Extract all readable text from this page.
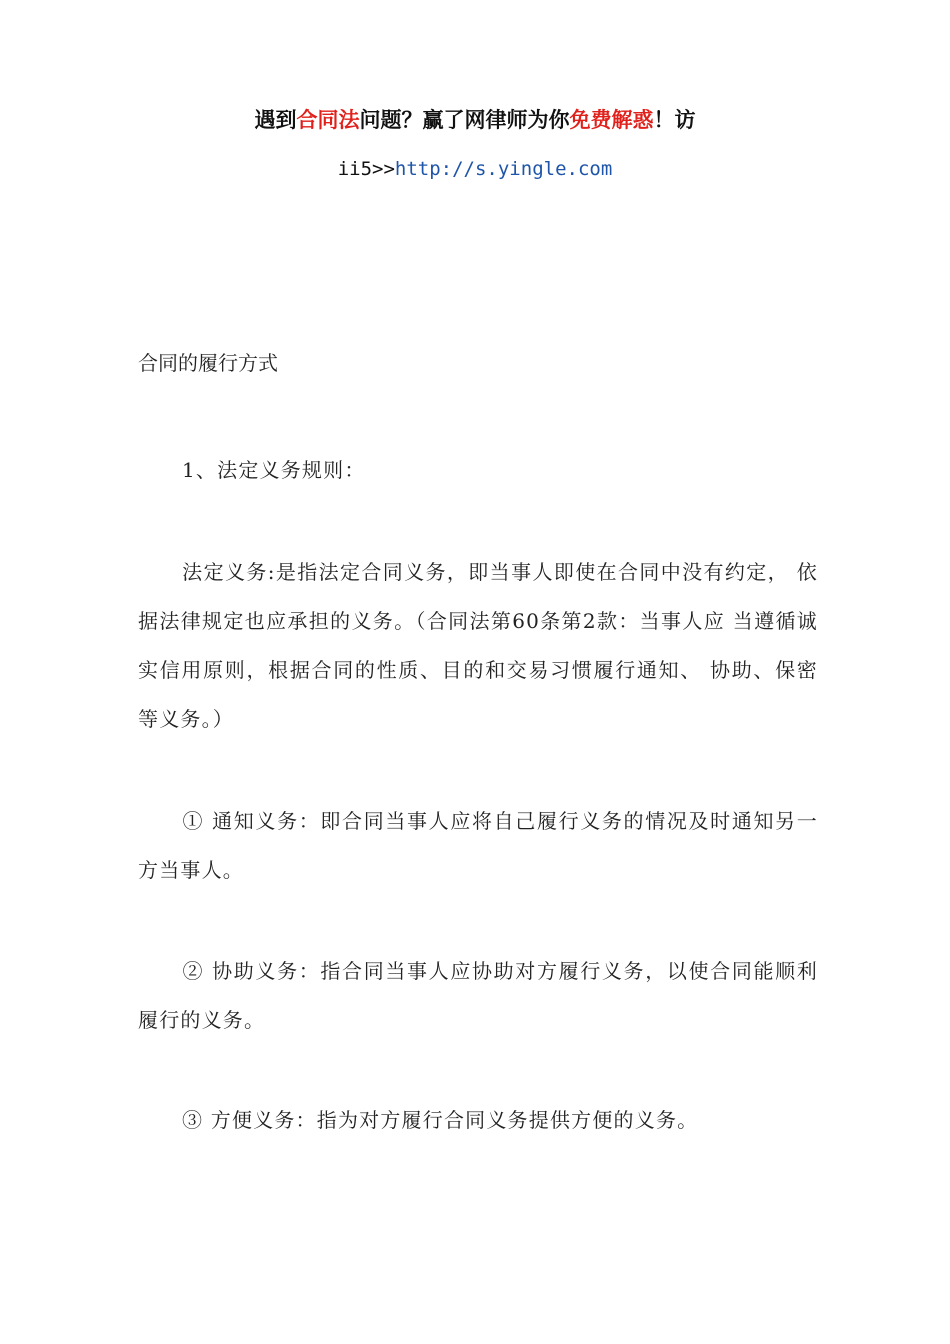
遇到合同法问题？赢了网律师为你免费解惑！访
ii5>>http://s.yingle.com
合同的履行方式
1、法定义务规则：
法定义务:是指法定合同义务，即当事人即使在合同中没有约定， 依据法律规定也应承担的义务。（合同法第60条第2款：当事人应 当遵循诚实信用原则，根据合同的性质、目的和交易习惯履行通知、 协助、保密等义务。）
① 通知义务：即合同当事人应将自己履行义务的情况及时通知另一方当事人。
② 协助义务：指合同当事人应协助对方履行义务，以使合同能顺利履行的义务。
③ 方便义务：指为对方履行合同义务提供方便的义务。
